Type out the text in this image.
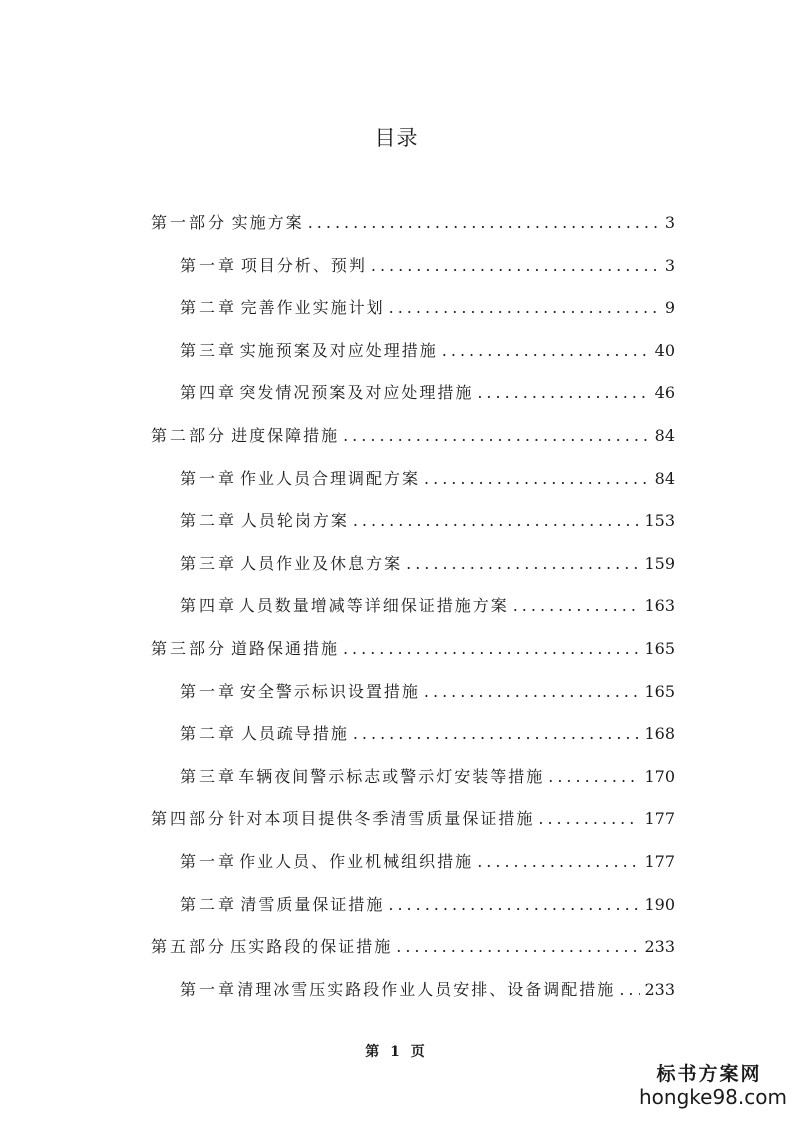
目录
第一部分 实施方案 .....	3
第一章 项目分析、预判 .....	3
第二章 完善作业实施计划 .....	9
第三章 实施预案及对应处理措施 .....	40
第四章 突发情况预案及对应处理措施 .....	46
第二部分 进度保障措施 .....	84
第一章 作业人员合理调配方案 .....	84
第二章 人员轮岗方案 .....	153
第三章 人员作业及休息方案 .....	159
第四章 人员数量增减等详细保证措施方案 .....	163
第三部分 道路保通措施 .....	165
第一章 安全警示标识设置措施 .....	165
第二章 人员疏导措施 .....	168
第三章 车辆夜间警示标志或警示灯安装等措施 .....	170
第四部分 针对本项目提供冬季清雪质量保证措施 .....	177
第一章 作业人员、作业机械组织措施 .....	177
第二章 清雪质量保证措施 .....	190
第五部分 压实路段的保证措施 .....	233
第一章 清理冰雪压实路段作业人员安排、设备调配措施 ..... 233
第 1 页
标书方案网
hongke98.com
